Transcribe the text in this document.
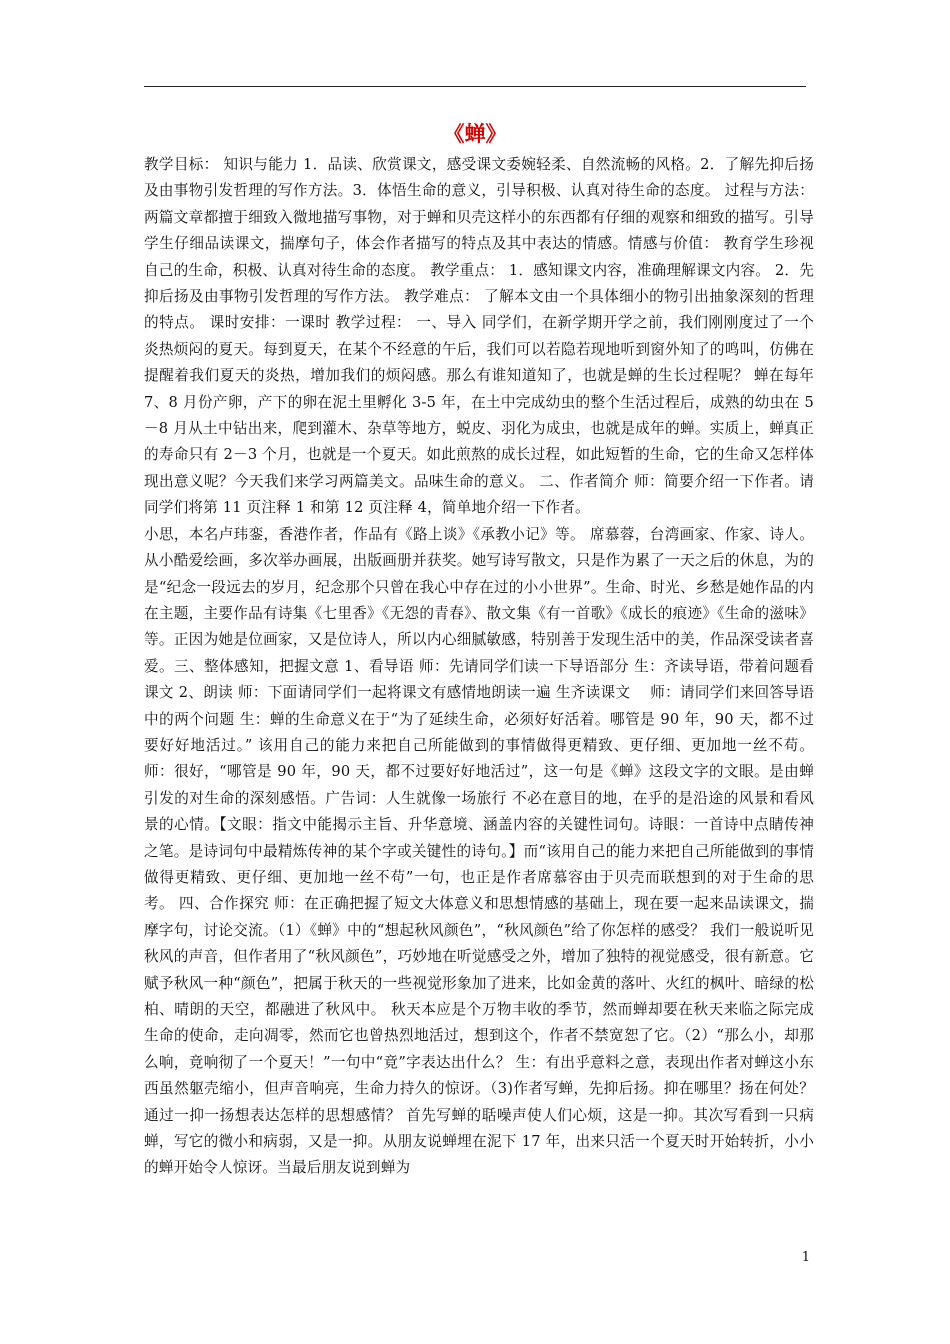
《蝉》

教学目标： 知识与能力 1．品读、欣赏课文，感受课文委婉轻柔、自然流畅的风格。2．了解先抑后扬及由事物引发哲理的写作方法。3．体悟生命的意义，引导积极、认真对待生命的态度。 过程与方法： 两篇文章都擅于细致入微地描写事物，对于蝉和贝壳这样小的东西都有仔细的观察和细致的描写。引导学生仔细品读课文，揣摩句子，体会作者描写的特点及其中表达的情感。情感与价值： 教育学生珍视自己的生命，积极、认真对待生命的态度。 教学重点： 1．感知课文内容，准确理解课文内容。 2．先抑后扬及由事物引发哲理的写作方法。 教学难点： 了解本文由一个具体细小的物引出抽象深刻的哲理的特点。 课时安排：一课时 教学过程： 一、导入 同学们，在新学期开学之前，我们刚刚度过了一个炎热烦闷的夏天。每到夏天，在某个不经意的午后，我们可以若隐若现地听到窗外知了的鸣叫，仿佛在提醒着我们夏天的炎热，增加我们的烦闷感。那么有谁知道知了，也就是蝉的生长过程呢？ 蝉在每年 7、8 月份产卵，产下的卵在泥土里孵化 3-5 年，在土中完成幼虫的整个生活过程后，成熟的幼虫在 5－8 月从土中钻出来，爬到灌木、杂草等地方，蜕皮、羽化为成虫，也就是成年的蝉。实质上，蝉真正的寿命只有 2－3 个月，也就是一个夏天。如此煎熬的成长过程，如此短暂的生命，它的生命又怎样体现出意义呢？今天我们来学习两篇美文。品味生命的意义。 二、作者简介 师：简要介绍一下作者。请同学们将第 11 页注释 1 和第 12 页注释 4，简单地介绍一下作者。

小思，本名卢玮銮，香港作者，作品有《路上谈》《承教小记》等。 席慕蓉，台湾画家、作家、诗人。从小酷爱绘画，多次举办画展，出版画册并获奖。她写诗写散文，只是作为累了一天之后的休息，为的是“纪念一段远去的岁月，纪念那个只曾在我心中存在过的小小世界”。生命、时光、乡愁是她作品的内在主题，主要作品有诗集《七里香》《无怨的青春》、散文集《有一首歌》《成长的痕迹》《生命的滋味》等。正因为她是位画家，又是位诗人，所以内心细腻敏感，特别善于发现生活中的美，作品深受读者喜爱。三、整体感知，把握文意 1、看导语 师：先请同学们读一下导语部分 生：齐读导语，带着问题看课文 2、朗读 师：下面请同学们一起将课文有感情地朗读一遍 生齐读课文　 师：请同学们来回答导语中的两个问题 生：蝉的生命意义在于“为了延续生命，必须好好活着。哪管是 90 年，90 天，都不过要好好地活过。” 该用自己的能力来把自己所能做到的事情做得更精致、更仔细、更加地一丝不苟。 师：很好，“哪管是 90 年，90 天，都不过要好好地活过”，这一句是《蝉》这段文字的文眼。是由蝉引发的对生命的深刻感悟。广告词：人生就像一场旅行 不必在意目的地，在乎的是沿途的风景和看风景的心情。【文眼：指文中能揭示主旨、升华意境、涵盖内容的关键性词句。诗眼：一首诗中点睛传神之笔。是诗词句中最精炼传神的某个字或关键性的诗句。】而“该用自己的能力来把自己所能做到的事情做得更精致、更仔细、更加地一丝不苟”一句，也正是作者席慕容由于贝壳而联想到的对于生命的思考。 四、合作探究 师：在正确把握了短文大体意义和思想情感的基础上，现在要一起来品读课文，揣摩字句，讨论交流。（1）《蝉》中的“想起秋风颜色”，“秋风颜色”给了你怎样的感受？ 我们一般说听见秋风的声音，但作者用了“秋风颜色”，巧妙地在听觉感受之外，增加了独特的视觉感受，很有新意。它赋予秋风一种“颜色”，把属于秋天的一些视觉形象加了进来，比如金黄的落叶、火红的枫叶、暗绿的松柏、晴朗的天空，都融进了秋风中。 秋天本应是个万物丰收的季节，然而蝉却要在秋天来临之际完成生命的使命，走向凋零，然而它也曾热烈地活过，想到这个，作者不禁宽恕了它。（2）“那么小，却那么响，竟响彻了一个夏天！”一句中“竟”字表达出什么？ 生：有出乎意料之意，表现出作者对蝉这小东西虽然躯壳缩小，但声音响亮，生命力持久的惊讶。（3)作者写蝉，先抑后扬。抑在哪里？扬在何处？通过一抑一扬想表达怎样的思想感情？ 首先写蝉的聒噪声使人们心烦，这是一抑。其次写看到一只病蝉，写它的微小和病弱，又是一抑。从朋友说蝉埋在泥下 17 年，出来只活一个夏天时开始转折，小小的蝉开始令人惊讶。当最后朋友说到蝉为

1
